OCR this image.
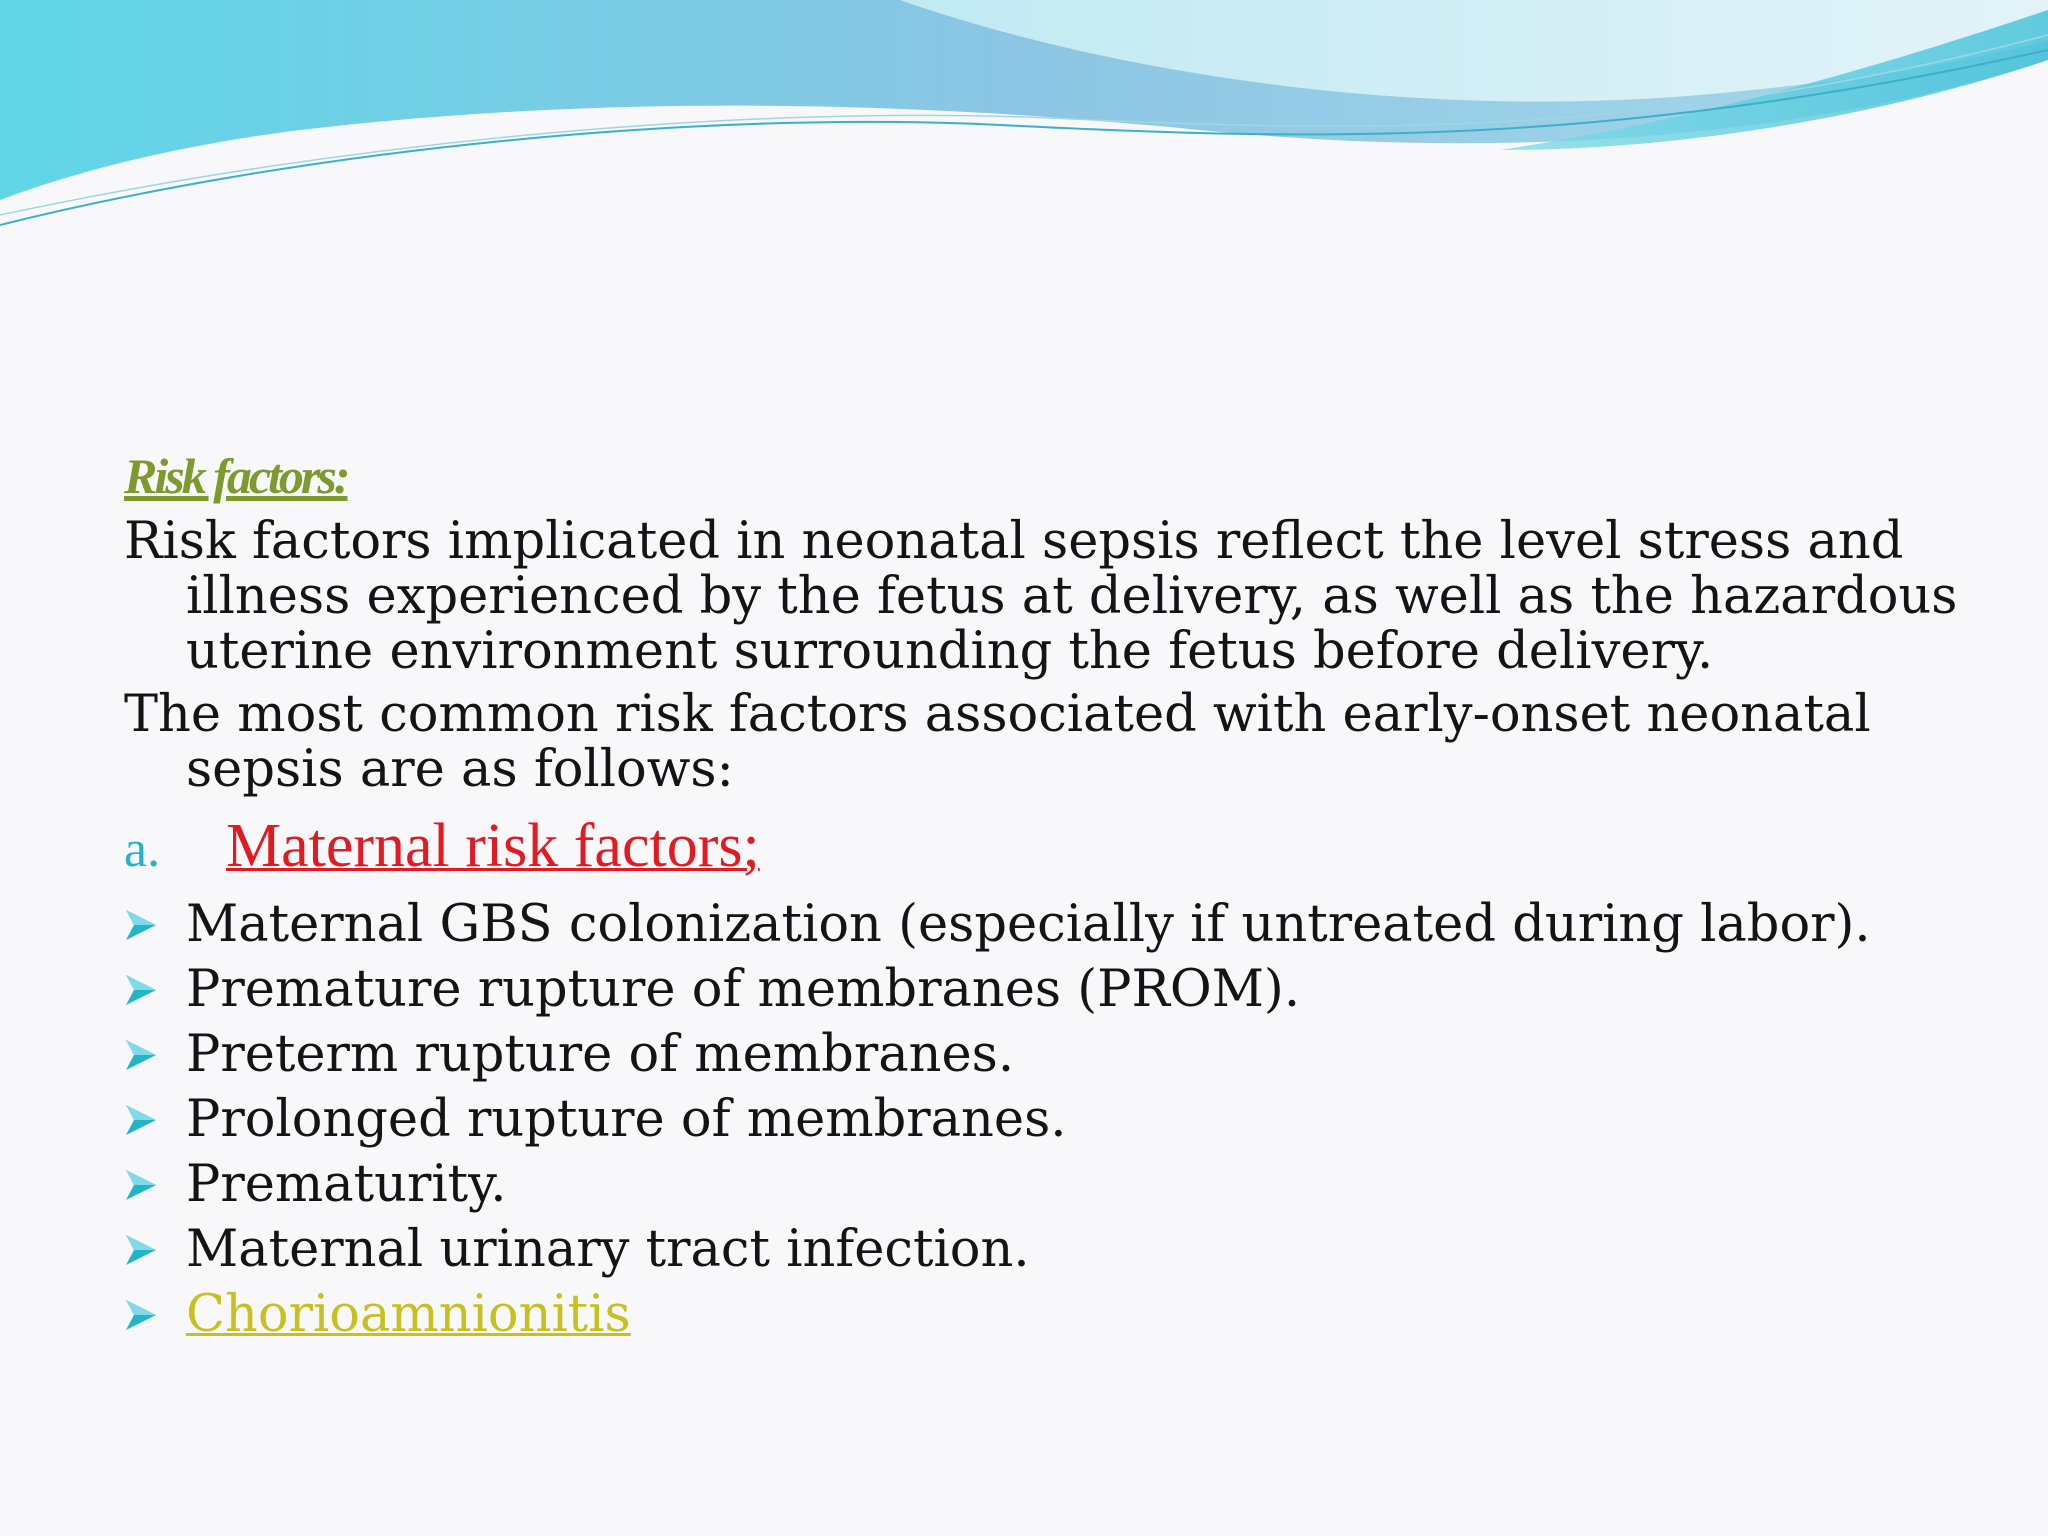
Risk factors:

Risk factors implicated in neonatal sepsis reflect the level stress and illness experienced by the fetus at delivery, as well as the hazardous uterine environment surrounding the fetus before delivery.

The most common risk factors associated with early-onset neonatal sepsis are as follows:

a.	Maternal risk factors;
Maternal GBS colonization (especially if untreated during labor).
Premature rupture of membranes (PROM).
Preterm rupture of membranes.
Prolonged rupture of membranes.
Prematurity.
Maternal urinary tract infection.
Chorioamnionitis
